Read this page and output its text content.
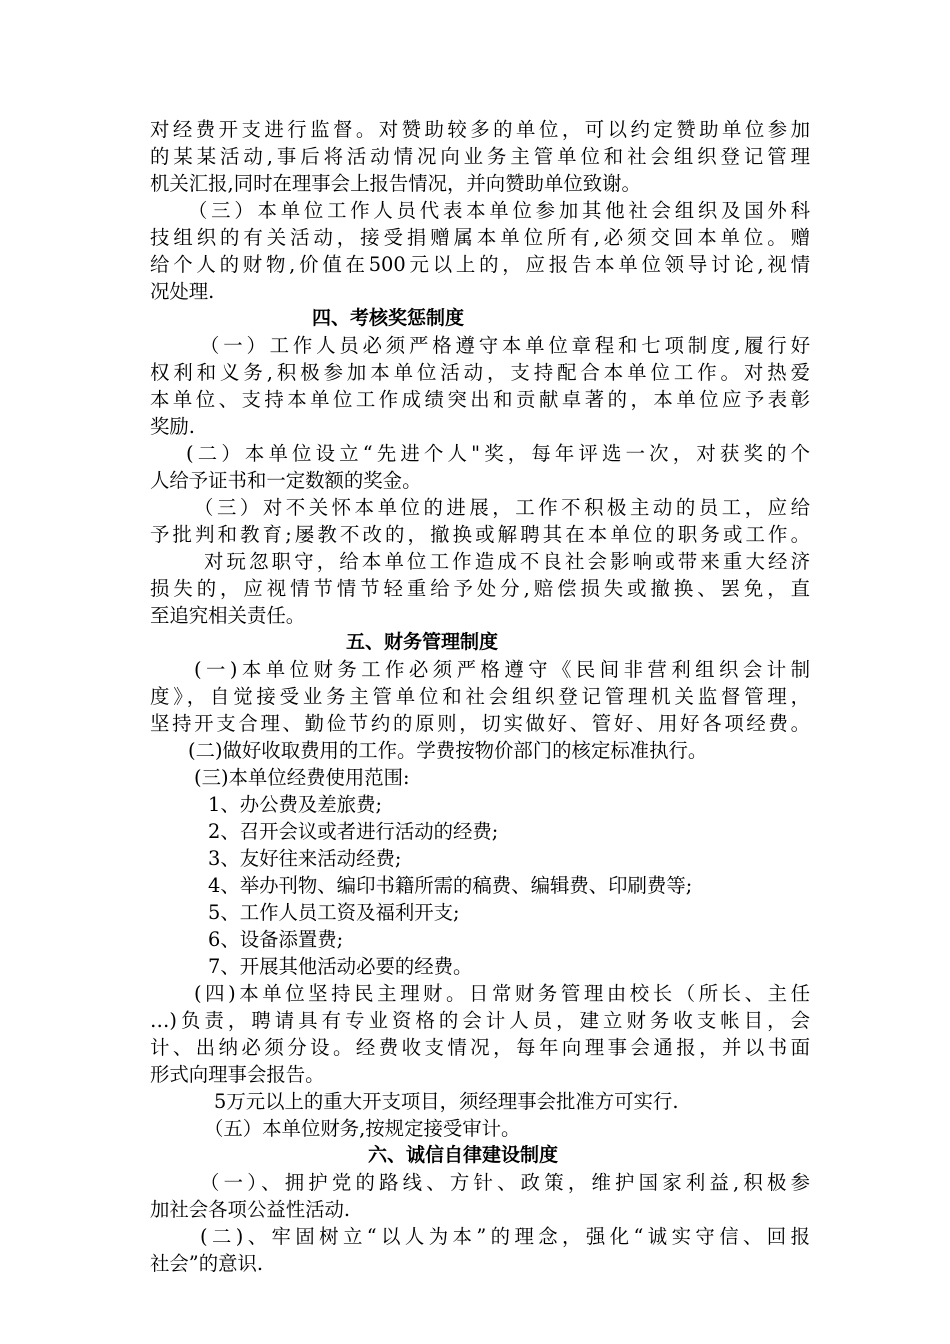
对经费开支进行监督。对赞助较多的单位，可以约定赞助单位参加
的某某活动,事后将活动情况向业务主管单位和社会组织登记管理
机关汇报,同时在理事会上报告情况，并向赞助单位致谢。
（三）本单位工作人员代表本单位参加其他社会组织及国外科
技组织的有关活动，接受捐赠属本单位所有,必须交回本单位。赠
给个人的财物,价值在500元以上的，应报告本单位领导讨论,视情
况处理.
四、考核奖惩制度
（一）工作人员必须严格遵守本单位章程和七项制度,履行好
权利和义务,积极参加本单位活动，支持配合本单位工作。对热爱
本单位、支持本单位工作成绩突出和贡献卓著的，本单位应予表彰
奖励.
(二）本单位设立“先进个人"奖，每年评选一次，对获奖的个
人给予证书和一定数额的奖金。
（三）对不关怀本单位的进展，工作不积极主动的员工，应给
予批判和教育;屡教不改的，撤换或解聘其在本单位的职务或工作。
对玩忽职守，给本单位工作造成不良社会影响或带来重大经济
损失的，应视情节情节轻重给予处分,赔偿损失或撤换、罢免，直
至追究相关责任。
五、财务管理制度
(一)本单位财务工作必须严格遵守《民间非营利组织会计制
度》，自觉接受业务主管单位和社会组织登记管理机关监督管理，
坚持开支合理、勤俭节约的原则，切实做好、管好、用好各项经费。
(二)做好收取费用的工作。学费按物价部门的核定标准执行。
(三)本单位经费使用范围:
1、办公费及差旅费;
2、召开会议或者进行活动的经费;
3、友好往来活动经费;
4、举办刊物、编印书籍所需的稿费、编辑费、印刷费等;
5、工作人员工资及福利开支;
6、设备添置费;
7、开展其他活动必要的经费。
(四)本单位坚持民主理财。日常财务管理由校长（所长、主任
…)负责，聘请具有专业资格的会计人员，建立财务收支帐目，会
计、出纳必须分设。经费收支情况，每年向理事会通报，并以书面
形式向理事会报告。
5万元以上的重大开支项目，须经理事会批准方可实行.
（五）本单位财务,按规定接受审计。
六、诚信自律建设制度
（一）、拥护党的路线、方针、政策，维护国家利益,积极参
加社会各项公益性活动.
(二)、牢固树立“以人为本”的理念，强化“诚实守信、回报
社会”的意识.
